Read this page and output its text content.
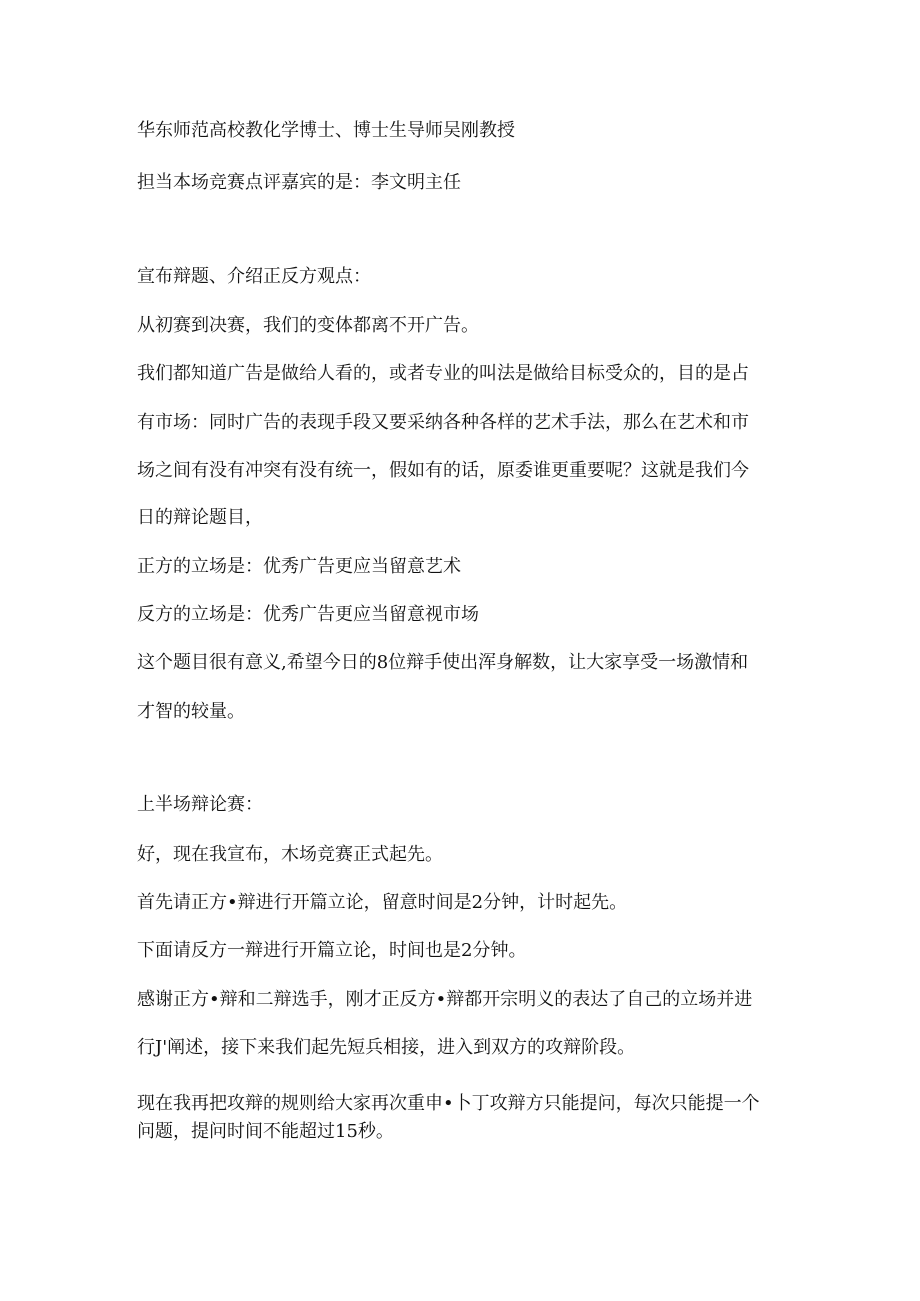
华东师范高校教化学博士、博士生导师吴刚教授

担当本场竞赛点评嘉宾的是：李文明主任

宣布辩题、介绍正反方观点：

从初赛到决赛，我们的变体都离不开广告。

我们都知道广告是做给人看的，或者专业的叫法是做给目标受众的，目的是占

有市场：同时广告的表现手段又要采纳各种各样的艺术手法，那么在艺术和市

场之间有没有冲突有没有统一，假如有的话，原委谁更重要呢？这就是我们今

日的辩论题目，

正方的立场是：优秀广告更应当留意艺术

反方的立场是：优秀广告更应当留意视市场

这个题目很有意义,希望今日的8位辩手使出浑身解数，让大家享受一场激情和

才智的较量。

上半场辩论赛：

好，现在我宣布，木场竞赛正式起先。

首先请正方•辩进行开篇立论，留意时间是2分钟，计时起先。

下面请反方一辩进行开篇立论，时间也是2分钟。

感谢正方•辩和二辩选手，刚才正反方•辩都开宗明义的表达了自己的立场并进

行J'阐述，接下来我们起先短兵相接，进入到双方的攻辩阶段。

现在我再把攻辩的规则给大家再次重申•卜丁攻辩方只能提问，每次只能提一个

问题，提问时间不能超过15秒。
